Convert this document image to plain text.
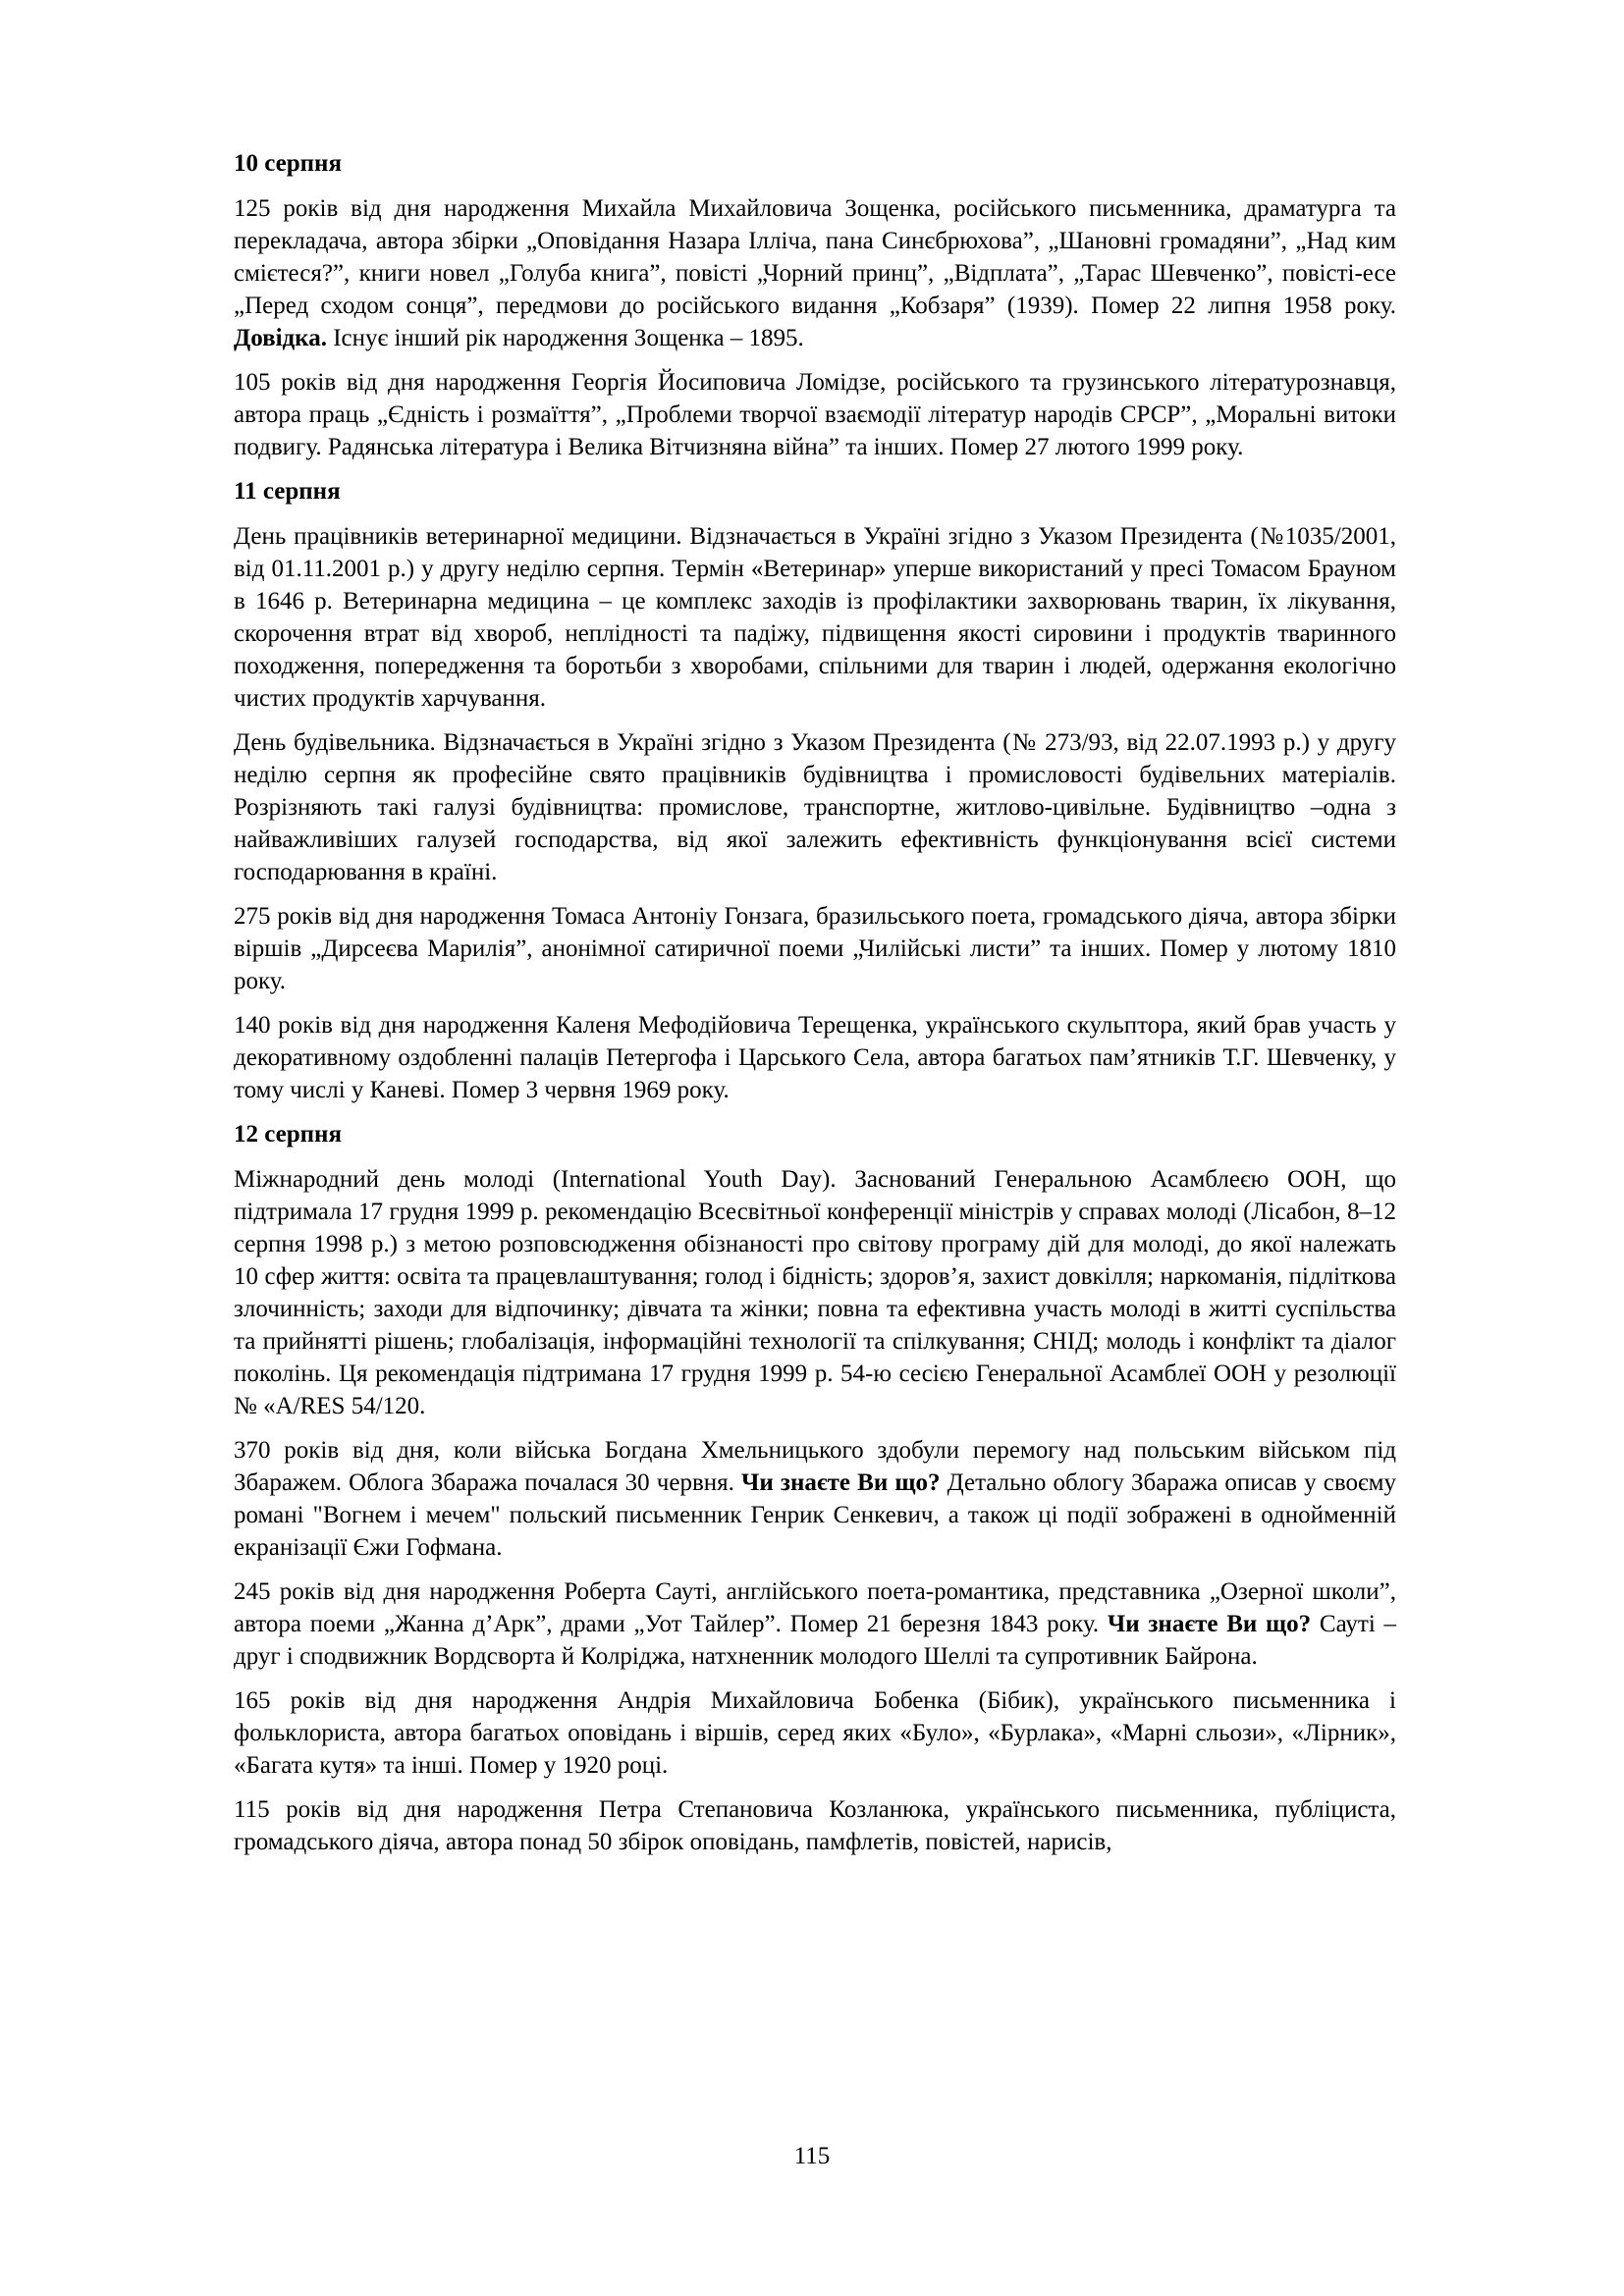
10 серпня

125 років від дня народження Михайла Михайловича Зощенка, російського письменника, драматурга та перекладача, автора збірки „Оповідання Назара Ілліча, пана Синєбрюхова”, „Шановні громадяни”, „Над ким смієтеся?”, книги новел „Голуба книга”, повісті „Чорний принц”, „Відплата”, „Тарас Шевченко”, повісті-есе „Перед сходом сонця”, передмови до російського видання „Кобзаря” (1939). Помер 22 липня 1958 року. Довідка. Існує інший рік народження Зощенка – 1895.

105 років від дня народження Георгія Йосиповича Ломідзе, російського та грузинського літературознавця, автора праць „Єдність і розмаїття”, „Проблеми творчої взаємодії літератур народів СРСР”, „Моральні витоки подвигу. Радянська література і Велика Вітчизняна війна” та інших. Помер 27 лютого 1999 року.

11 серпня

День працівників ветеринарної медицини. Відзначається в Україні згідно з Указом Президента (№1035/2001, від 01.11.2001 р.) у другу неділю серпня. Термін «Ветеринар» уперше використаний у пресі Томасом Брауном в 1646 р. Ветеринарна медицина – це комплекс заходів із профілактики захворювань тварин, їх лікування, скорочення втрат від хвороб, неплідності та падіжу, підвищення якості сировини і продуктів тваринного походження, попередження та боротьби з хворобами, спільними для тварин і людей, одержання екологічно чистих продуктів харчування.

День будівельника. Відзначається в Україні згідно з Указом Президента (№ 273/93, від 22.07.1993 р.) у другу неділю серпня як професійне свято працівників будівництва і промисловості будівельних матеріалів. Розрізняють такі галузі будівництва: промислове, транспортне, житлово-цивільне. Будівництво –одна з найважливіших галузей господарства, від якої залежить ефективність функціонування всієї системи господарювання в країні.

275 років від дня народження Томаса Антоніу Гонзага, бразильського поета, громадського діяча, автора збірки віршів „Дирсеєва Марилія”, анонімної сатиричної поеми „Чилійські листи” та інших. Помер у лютому 1810 року.

140 років від дня народження Каленя Мефодійовича Терещенка, українського скульптора, який брав участь у декоративному оздобленні палаців Петергофа і Царського Села, автора багатьох пам’ятників Т.Г. Шевченку, у тому числі у Каневі. Помер 3 червня 1969 року.

12 серпня

Міжнародний день молоді (International Youth Day). Заснований Генеральною Асамблеєю ООН, що підтримала 17 грудня 1999 р. рекомендацію Всесвітньої конференції міністрів у справах молоді (Лісабон, 8–12 серпня 1998 р.) з метою розповсюдження обізнаності про світову програму дій для молоді, до якої належать 10 сфер життя: освіта та працевлаштування; голод і бідність; здоров’я, захист довкілля; наркоманія, підліткова злочинність; заходи для відпочинку; дівчата та жінки; повна та ефективна участь молоді в житті суспільства та прийнятті рішень; глобалізація, інформаційні технології та спілкування; СНІД; молодь і конфлікт та діалог поколінь. Ця рекомендація підтримана 17 грудня 1999 р. 54-ю сесією Генеральної Асамблеї ООН у резолюції № «A/RES 54/120.

370 років від дня, коли війська Богдана Хмельницького здобули перемогу над польським військом під Збаражем. Облога Збаража почалася 30 червня. Чи знаєте Ви що? Детально облогу Збаража описав у своєму романі "Вогнем і мечем" польский письменник Генрик Сенкевич, а також ці події зображені в однойменній екранізації Єжи Гофмана.

245 років від дня народження Роберта Сауті, англійського поета-романтика, представника „Озерної школи”, автора поеми „Жанна д’Арк”, драми „Уот Тайлер”. Помер 21 березня 1843 року. Чи знаєте Ви що? Сауті – друг і сподвижник Вордсворта й Колріджа, натхненник молодого Шеллі та супротивник Байрона.

165 років від дня народження Андрія Михайловича Бобенка (Бібик), українського письменника і фольклориста, автора багатьох оповідань і віршів, серед яких «Було», «Бурлака», «Марні сльози», «Лірник», «Багата кутя» та інші. Помер у 1920 році.

115 років від дня народження Петра Степановича Козланюка, українського письменника, публіциста, громадського діяча, автора понад 50 збірок оповідань, памфлетів, повістей, нарисів,

115
